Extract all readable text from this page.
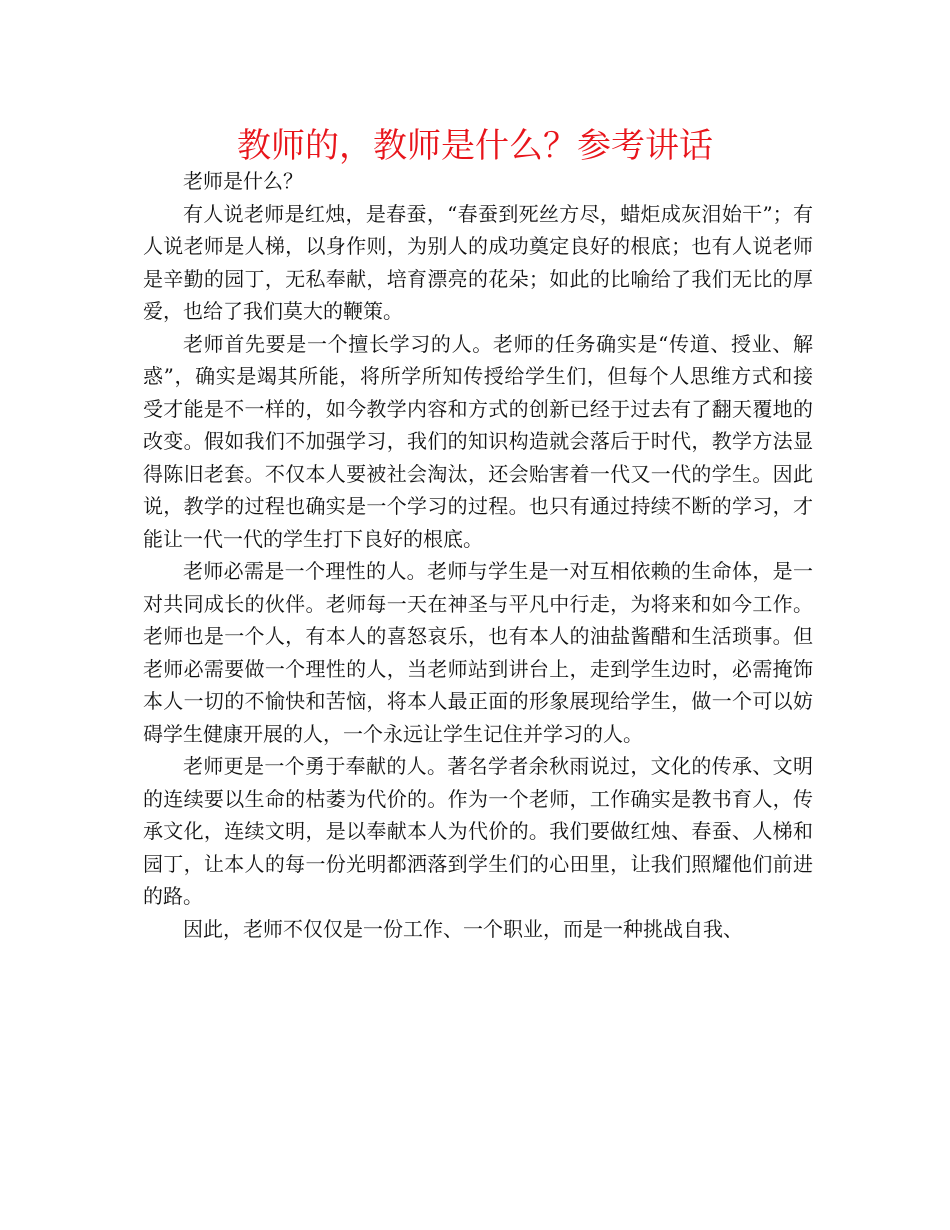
教师的，教师是什么？参考讲话

老师是什么？

有人说老师是红烛，是春蚕，“春蚕到死丝方尽，蜡炬成灰泪始干”；有人说老师是人梯，以身作则，为别人的成功奠定良好的根底；也有人说老师是辛勤的园丁，无私奉献，培育漂亮的花朵；如此的比喻给了我们无比的厚爱，也给了我们莫大的鞭策。

老师首先要是一个擅长学习的人。老师的任务确实是“传道、授业、解惑”，确实是竭其所能，将所学所知传授给学生们，但每个人思维方式和接受才能是不一样的，如今教学内容和方式的创新已经于过去有了翻天覆地的改变。假如我们不加强学习，我们的知识构造就会落后于时代，教学方法显得陈旧老套。不仅本人要被社会淘汰，还会贻害着一代又一代的学生。因此说，教学的过程也确实是一个学习的过程。也只有通过持续不断的学习，才能让一代一代的学生打下良好的根底。

老师必需是一个理性的人。老师与学生是一对互相依赖的生命体，是一对共同成长的伙伴。老师每一天在神圣与平凡中行走，为将来和如今工作。老师也是一个人，有本人的喜怒哀乐，也有本人的油盐酱醋和生活琐事。但老师必需要做一个理性的人，当老师站到讲台上，走到学生边时，必需掩饰本人一切的不愉快和苦恼，将本人最正面的形象展现给学生，做一个可以妨碍学生健康开展的人，一个永远让学生记住并学习的人。

老师更是一个勇于奉献的人。著名学者余秋雨说过，文化的传承、文明的连续要以生命的枯萎为代价的。作为一个老师，工作确实是教书育人，传承文化，连续文明，是以奉献本人为代价的。我们要做红烛、春蚕、人梯和园丁，让本人的每一份光明都洒落到学生们的心田里，让我们照耀他们前进的路。

因此，老师不仅仅是一份工作、一个职业，而是一种挑战自我、
